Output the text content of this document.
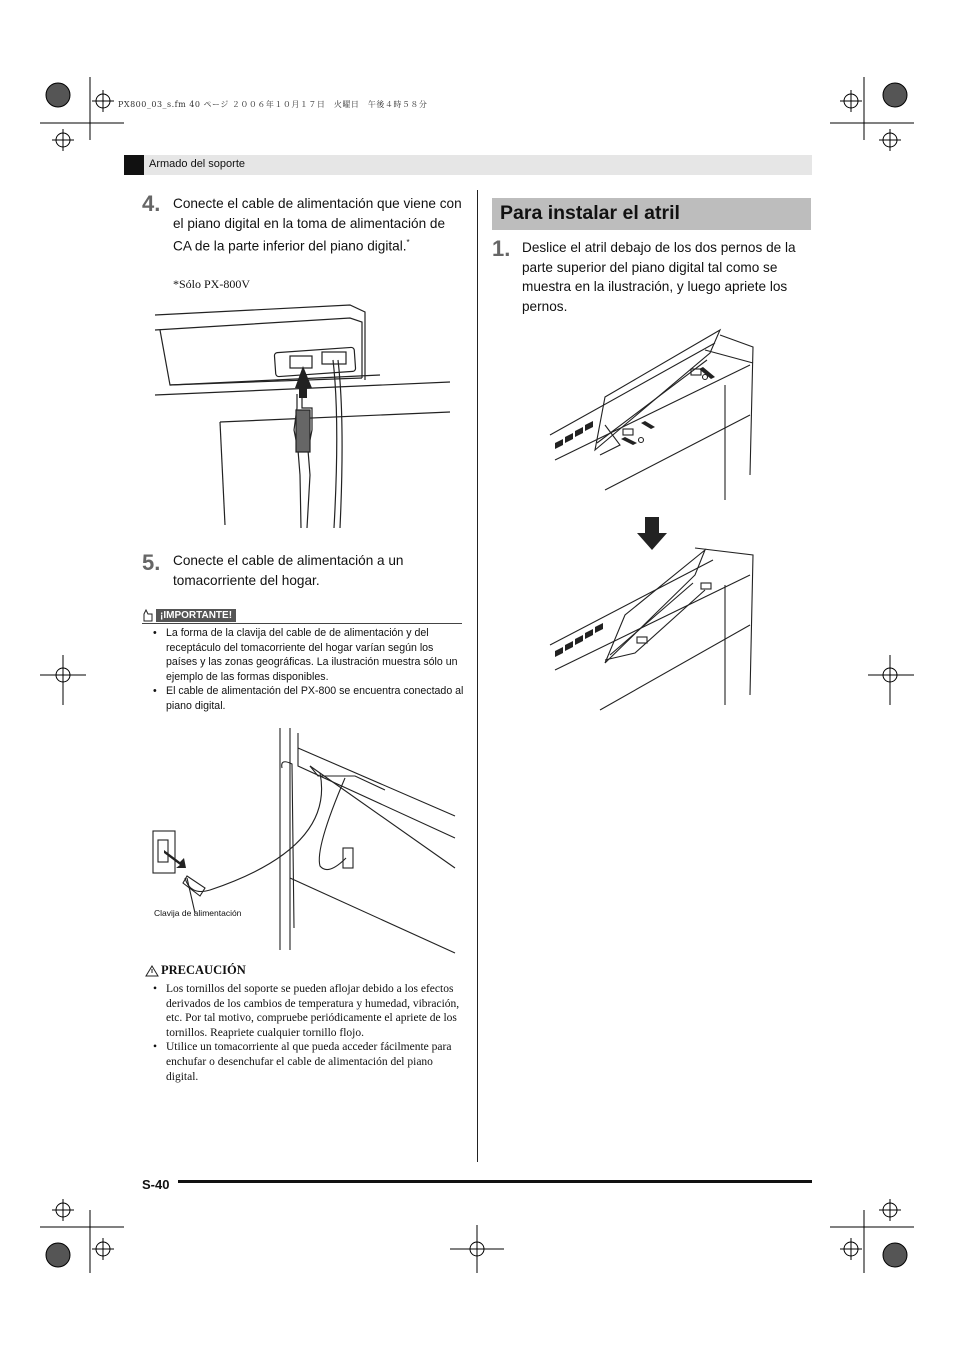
PX800_03_s.fm 40 ページ ２００６年１０月１７日　火曜日　午後４時５８分
Armado del soporte
4. Conecte el cable de alimentación que viene con el piano digital en la toma de alimentación de CA de la parte inferior del piano digital.*
*Sólo PX-800V
5. Conecte el cable de alimentación a un tomacorriente del hogar.
¡IMPORTANTE!
• La forma de la clavija del cable de de alimentación y del receptáculo del tomacorriente del hogar varían según los países y las zonas geográficas. La ilustración muestra sólo un ejemplo de las formas disponibles.
• El cable de alimentación del PX-800 se encuentra conectado al piano digital.
Clavija de alimentación
PRECAUCIÓN
• Los tornillos del soporte se pueden aflojar debido a los efectos derivados de los cambios de temperatura y humedad, vibración, etc. Por tal motivo, compruebe periódicamente el apriete de los tornillos. Reapriete cualquier tornillo flojo.
• Utilice un tomacorriente al que pueda acceder fácilmente para enchufar o desenchufar el cable de alimentación del piano digital.
Para instalar el atril
1. Deslice el atril debajo de los dos pernos de la parte superior del piano digital tal como se muestra en la ilustración, y luego apriete los pernos.
S-40
